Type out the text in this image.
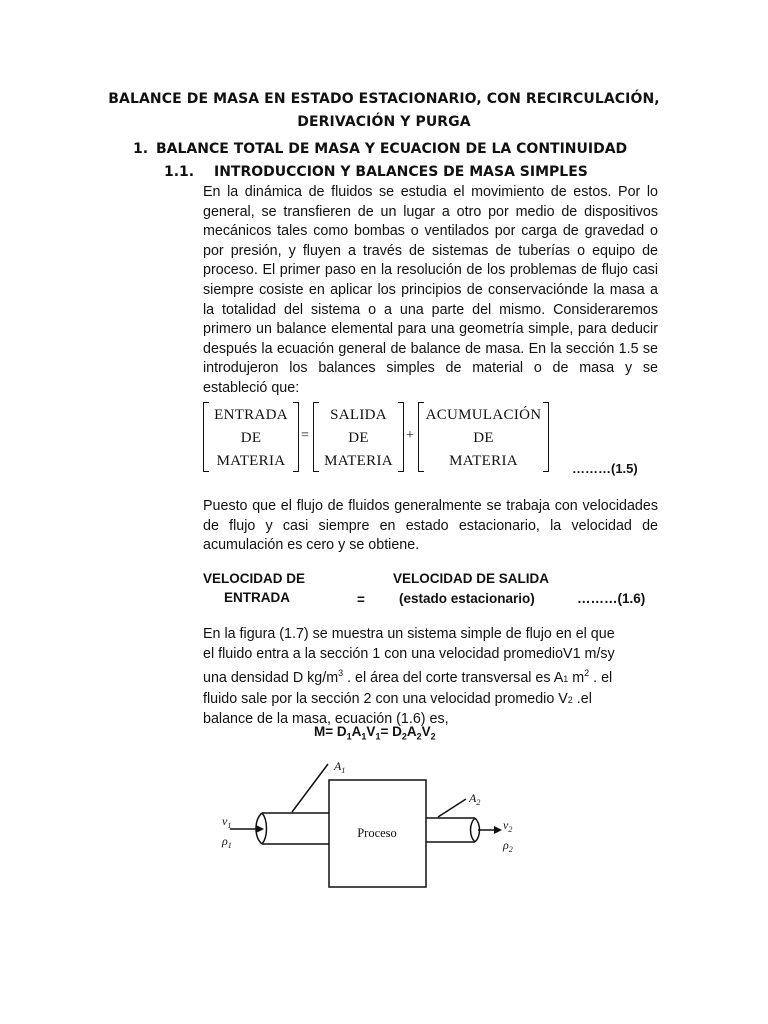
BALANCE DE MASA EN ESTADO ESTACIONARIO, CON RECIRCULACIÓN,
DERIVACIÓN Y PURGA
1. BALANCE TOTAL DE MASA Y ECUACION DE LA CONTINUIDAD
1.1. INTRODUCCION Y BALANCES DE MASA SIMPLES

En la dinámica de fluidos se estudia el movimiento de estos. Por lo general, se transfieren de un lugar a otro por medio de dispositivos mecánicos tales como bombas o ventilados por carga de gravedad o por presión, y fluyen a través de sistemas de tuberías o equipo de proceso. El primer paso en la resolución de los problemas de flujo casi siempre cosiste en aplicar los principios de conservaciónde la masa a la totalidad del sistema o a una parte del mismo. Consideraremos primero un balance elemental para una geometría simple, para deducir después la ecuación general de balance de masa. En la sección 1.5 se introdujeron los balances simples de material o de masa y se estableció que:

ENTRADA
DE
MATERIA
=
SALIDA
DE
MATERIA
+
ACUMULACIÓN
DE
MATERIA	………(1.5)

Puesto que el flujo de fluidos generalmente se trabaja con velocidades de flujo y casi siempre en estado estacionario, la velocidad de acumulación es cero y se obtiene.

VELOCIDAD DE
ENTRADA	=
VELOCIDAD DE SALIDA
(estado estacionario)	………(1.6)
En la figura (1.7) se muestra un sistema simple de flujo en el que
el fluido entra a la sección 1 con una velocidad promedioV1 m/sy
una densidad D $kg/m^3$ . el área del corte transversal es A1 $m^2$ . el
fluido sale por la sección 2 con una velocidad promedio V2 .el
balance de la masa, ecuación (1.6) es,
$M= D_1A_1V_1= D_2A_2V_2$
Proceso
$A_1$
$A_2$
$v_1$
$\rho_1$
$v_2$
$\rho_2$
